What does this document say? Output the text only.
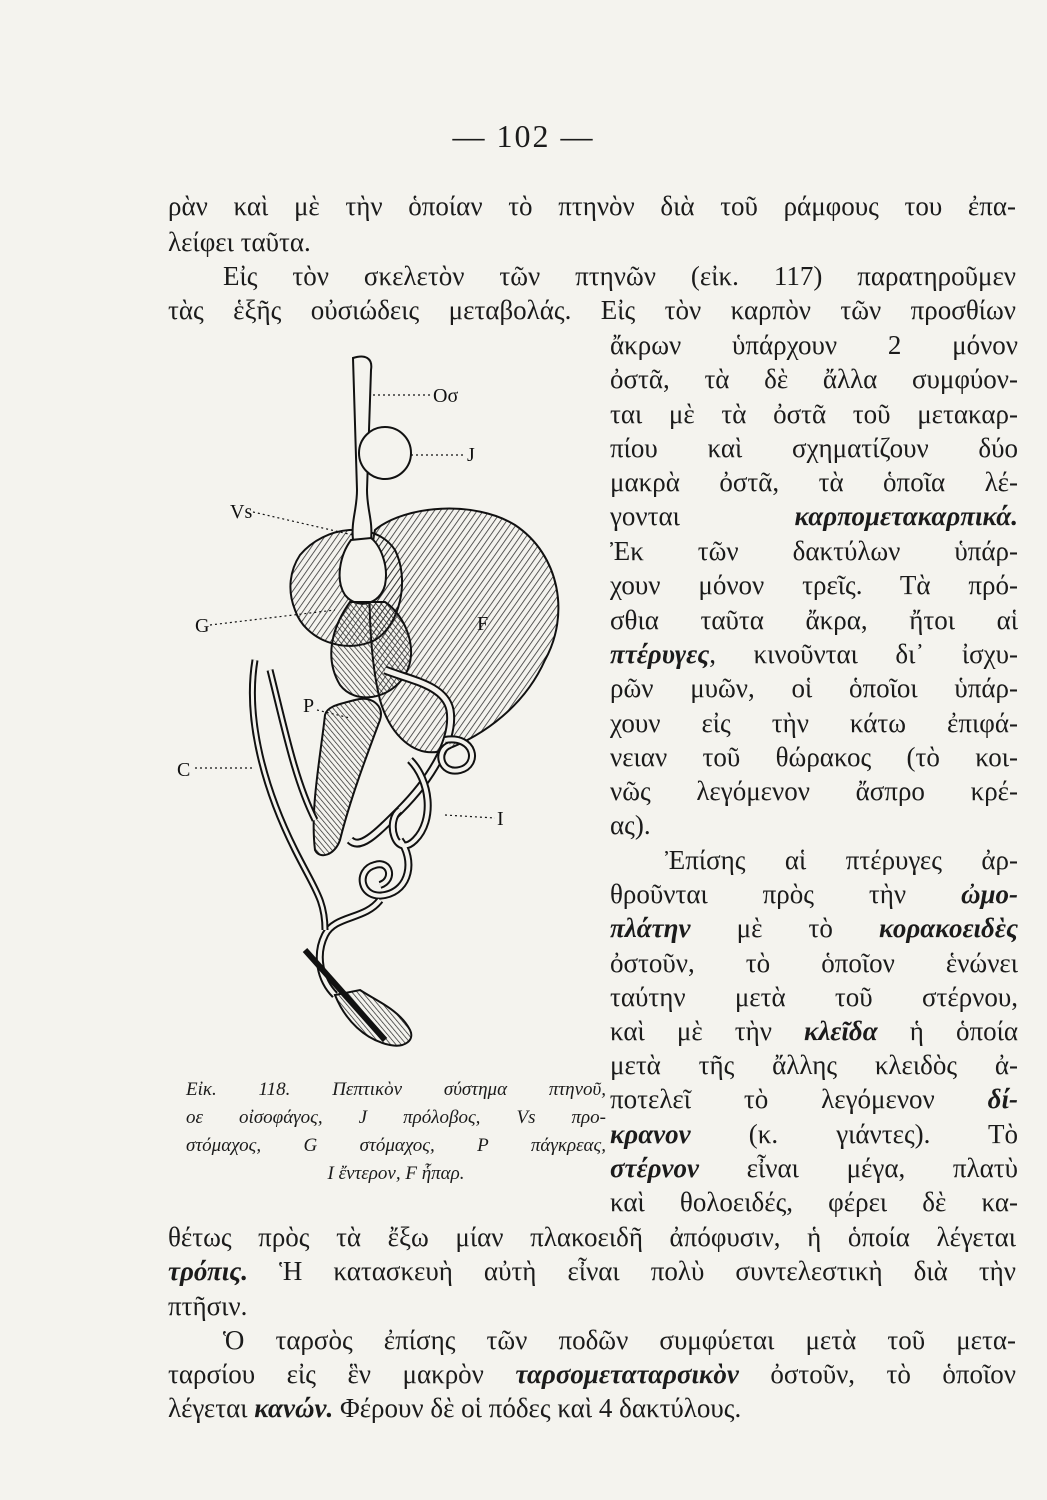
— 102 —
ρὰν καὶ μὲ τὴν ὁποίαν τὸ πτηνὸν διὰ τοῦ ράμφους του ἐπα-
λείφει ταῦτα.
Εἰς τὸν σκελετὸν τῶν πτηνῶν (εἰκ. 117) παρατηροῦμεν
τὰς ἑξῆς οὐσιώδεις μεταβολάς. Εἰς τὸν καρπὸν τῶν προσθίων
ἄκρων ὑπάρχουν 2 μόνον
ὀστᾶ, τὰ δὲ ἄλλα συμφύον-
ται μὲ τὰ ὀστᾶ τοῦ μετακαρ-
πίου καὶ σχηματίζουν δύο
μακρὰ ὀστᾶ, τὰ ὁποῖα λέ-
γονται καρπομετακαρπικά.
Ἐκ τῶν δακτύλων ὑπάρ-
χουν μόνον τρεῖς. Τὰ πρό-
σθια ταῦτα ἄκρα, ἤτοι αἱ
πτέρυγες, κινοῦνται δι᾽ ἰσχυ-
ρῶν μυῶν, οἱ ὁποῖοι ὑπάρ-
χουν εἰς τὴν κάτω ἐπιφά-
νειαν τοῦ θώρακος (τὸ κοι-
νῶς λεγόμενον ἄσπρο κρέ-
ας).
Ἐπίσης αἱ πτέρυγες ἀρ-
θροῦνται πρὸς τὴν ὠμο-
πλάτην μὲ τὸ κορακοειδὲς
ὀστοῦν, τὸ ὁποῖον ἑνώνει
ταύτην μετὰ τοῦ στέρνου,
καὶ μὲ τὴν κλεῖδα ἡ ὁποία
μετὰ τῆς ἄλλης κλειδὸς ἀ-
ποτελεῖ τὸ λεγόμενον δί-
κρανον (κ. γιάντες). Τὸ
στέρνον εἶναι μέγα, πλατὺ
καὶ θολοειδές, φέρει δὲ κα-
θέτως πρὸς τὰ ἔξω μίαν πλακοειδῆ ἀπόφυσιν, ἡ ὁποία λέγεται
τρόπις. Ἡ κατασκευὴ αὐτὴ εἶναι πολὺ συντελεστικὴ διὰ τὴν
πτῆσιν.
Ὁ ταρσὸς ἐπίσης τῶν ποδῶν συμφύεται μετὰ τοῦ μετα-
ταρσίου εἰς ἓν μακρὸν ταρσομεταταρσικὸν ὀστοῦν, τὸ ὁποῖον
λέγεται κανών. Φέρουν δὲ οἱ πόδες καὶ 4 δακτύλους.
Οσ
J
Vs
G	F
P
C
I
Εἰκ. 118. Πεπτικὸν σύστημα πτηνοῦ,
οε οἰσοφάγος, J πρόλοβος, Vs προ-
στόμαχος, G στόμαχος, P πάγκρεας,
I ἔντερον, F ἧπαρ.
